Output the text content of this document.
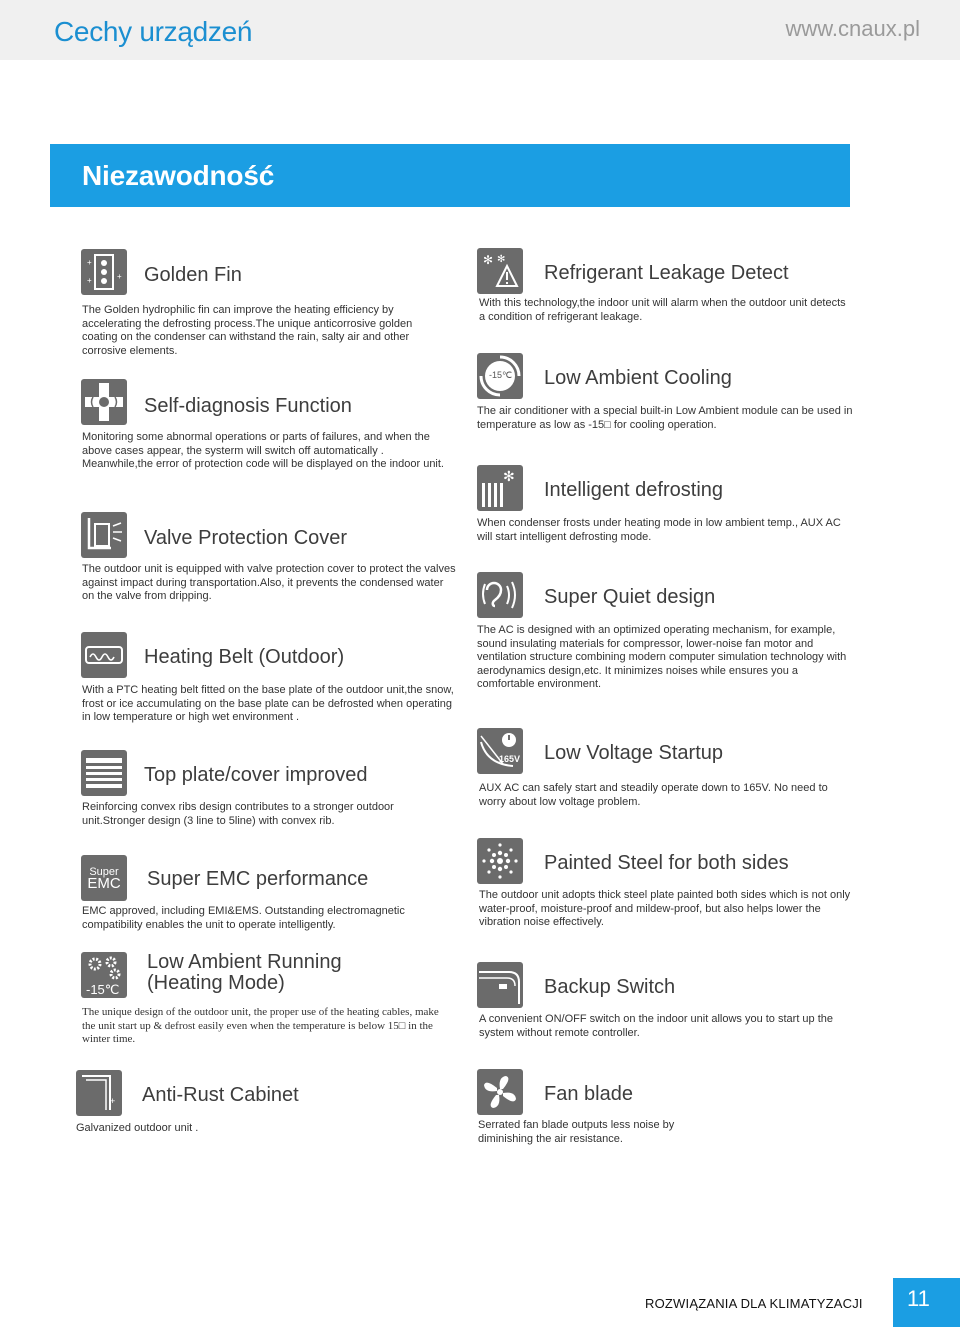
Cechy urządzeń	www.cnaux.pl
Niezawodność
+
+
+	Golden Fin
The Golden hydrophilic fin can improve the heating efficiency by accelerating the defrosting process.The unique anticorrosive golden coating on the condenser can withstand the rain, salty air and other corrosive elements.
Self-diagnosis Function
Monitoring some abnormal operations or parts of failures, and when the above cases appear, the systerm will switch off automatically . Meanwhile,the error of protection code will be displayed on the indoor unit.
Valve Protection Cover
The outdoor unit is equipped with valve protection cover to protect the valves against impact during transportation.Also, it prevents the condensed water on the valve from dripping.
Heating Belt (Outdoor)
With a PTC heating belt fitted on the base plate of the outdoor unit,the snow, frost or ice accumulating on the base plate can be defrosted when operating in low temperature or high wet environment .
Top plate/cover improved
Reinforcing convex ribs design contributes to a stronger outdoor unit.Stronger design (3 line to 5line) with convex rib.
Super
EMC Super EMC performance
EMC approved, including EMI&EMS. Outstanding electromagnetic compatibility enables the unit to operate intelligently.
-15℃
Low Ambient Running
(Heating Mode)
The unique design of the outdoor unit, the proper use of the heating cables, make the unit start up & defrost easily even when the temperature is below 15□ in the winter time.
+ Anti-Rust Cabinet
Galvanized outdoor unit .
✻ ✻
Refrigerant Leakage Detect
With this technology,the indoor unit will alarm when the outdoor unit detects a condition of refrigerant leakage.
-15℃ Low Ambient Cooling
The air conditioner with a special built-in Low Ambient module can be used in temperature as low as -15□ for cooling operation.
✻
Intelligent defrosting
When condenser frosts under heating mode in low ambient temp., AUX AC will start intelligent defrosting mode.
Super Quiet design
The AC is designed with an optimized operating mechanism, for example, sound insulating materials for compressor, lower-noise fan motor and ventilation structure combining modern computer simulation technology with aerodynamics design,etc. It minimizes noises while ensures you a comfortable environment.
165V Low Voltage Startup
AUX AC can safely start and steadily operate down to 165V. No need to worry about low voltage problem.
Painted Steel for both sides
The outdoor unit adopts thick steel plate painted both sides which is not only water-proof, moisture-proof and mildew-proof, but also helps lower the vibration noise effectively.
Backup Switch
A convenient ON/OFF switch on the indoor unit allows you to start up the system without remote controller.
Fan blade
Serrated fan blade outputs less noise by diminishing the air resistance.
ROZWIĄZANIA DLA KLIMATYZACJI 11
